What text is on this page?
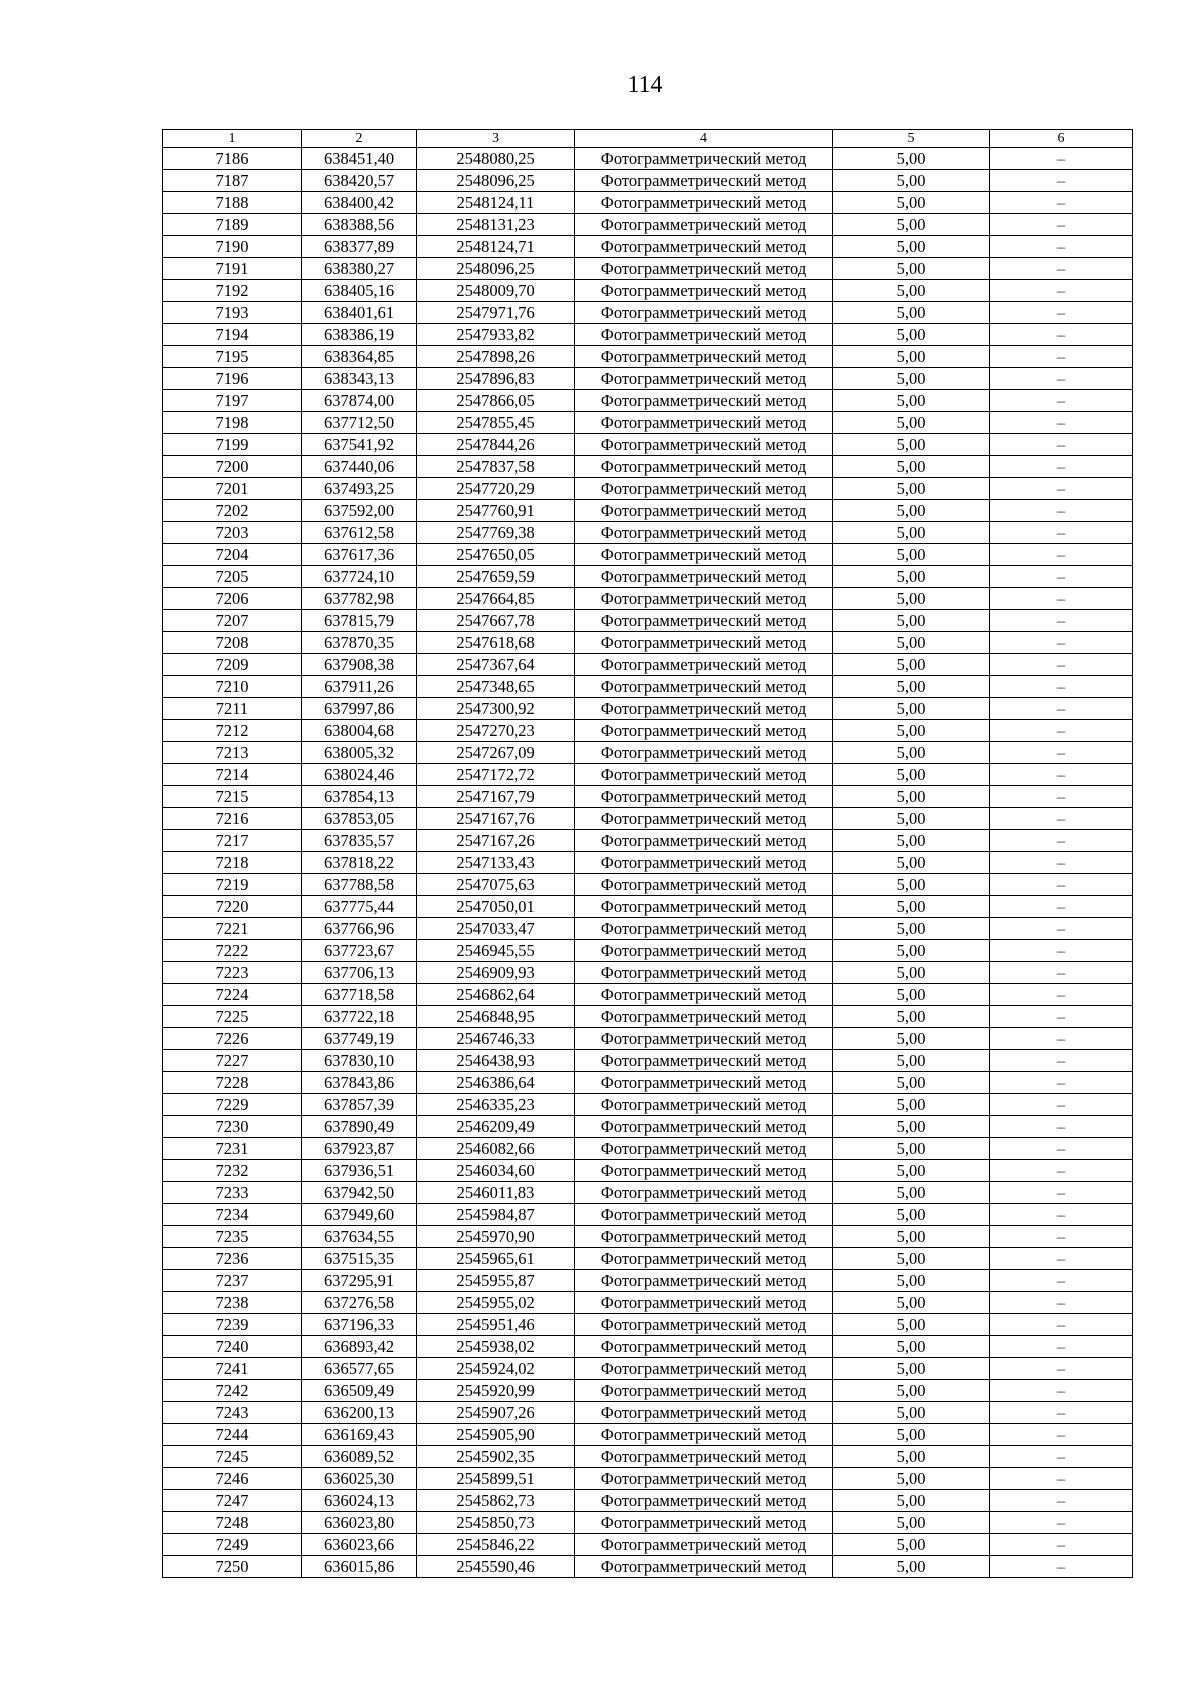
114
1	2	3	4	5	6
7186	638451,40	2548080,25	Фотограмметрический метод	5,00	–
7187	638420,57	2548096,25	Фотограмметрический метод	5,00	–
7188	638400,42	2548124,11	Фотограмметрический метод	5,00	–
7189	638388,56	2548131,23	Фотограмметрический метод	5,00	–
7190	638377,89	2548124,71	Фотограмметрический метод	5,00	–
7191	638380,27	2548096,25	Фотограмметрический метод	5,00	–
7192	638405,16	2548009,70	Фотограмметрический метод	5,00	–
7193	638401,61	2547971,76	Фотограмметрический метод	5,00	–
7194	638386,19	2547933,82	Фотограмметрический метод	5,00	–
7195	638364,85	2547898,26	Фотограмметрический метод	5,00	–
7196	638343,13	2547896,83	Фотограмметрический метод	5,00	–
7197	637874,00	2547866,05	Фотограмметрический метод	5,00	–
7198	637712,50	2547855,45	Фотограмметрический метод	5,00	–
7199	637541,92	2547844,26	Фотограмметрический метод	5,00	–
7200	637440,06	2547837,58	Фотограмметрический метод	5,00	–
7201	637493,25	2547720,29	Фотограмметрический метод	5,00	–
7202	637592,00	2547760,91	Фотограмметрический метод	5,00	–
7203	637612,58	2547769,38	Фотограмметрический метод	5,00	–
7204	637617,36	2547650,05	Фотограмметрический метод	5,00	–
7205	637724,10	2547659,59	Фотограмметрический метод	5,00	–
7206	637782,98	2547664,85	Фотограмметрический метод	5,00	–
7207	637815,79	2547667,78	Фотограмметрический метод	5,00	–
7208	637870,35	2547618,68	Фотограмметрический метод	5,00	–
7209	637908,38	2547367,64	Фотограмметрический метод	5,00	–
7210	637911,26	2547348,65	Фотограмметрический метод	5,00	–
7211	637997,86	2547300,92	Фотограмметрический метод	5,00	–
7212	638004,68	2547270,23	Фотограмметрический метод	5,00	–
7213	638005,32	2547267,09	Фотограмметрический метод	5,00	–
7214	638024,46	2547172,72	Фотограмметрический метод	5,00	–
7215	637854,13	2547167,79	Фотограмметрический метод	5,00	–
7216	637853,05	2547167,76	Фотограмметрический метод	5,00	–
7217	637835,57	2547167,26	Фотограмметрический метод	5,00	–
7218	637818,22	2547133,43	Фотограмметрический метод	5,00	–
7219	637788,58	2547075,63	Фотограмметрический метод	5,00	–
7220	637775,44	2547050,01	Фотограмметрический метод	5,00	–
7221	637766,96	2547033,47	Фотограмметрический метод	5,00	–
7222	637723,67	2546945,55	Фотограмметрический метод	5,00	–
7223	637706,13	2546909,93	Фотограмметрический метод	5,00	–
7224	637718,58	2546862,64	Фотограмметрический метод	5,00	–
7225	637722,18	2546848,95	Фотограмметрический метод	5,00	–
7226	637749,19	2546746,33	Фотограмметрический метод	5,00	–
7227	637830,10	2546438,93	Фотограмметрический метод	5,00	–
7228	637843,86	2546386,64	Фотограмметрический метод	5,00	–
7229	637857,39	2546335,23	Фотограмметрический метод	5,00	–
7230	637890,49	2546209,49	Фотограмметрический метод	5,00	–
7231	637923,87	2546082,66	Фотограмметрический метод	5,00	–
7232	637936,51	2546034,60	Фотограмметрический метод	5,00	–
7233	637942,50	2546011,83	Фотограмметрический метод	5,00	–
7234	637949,60	2545984,87	Фотограмметрический метод	5,00	–
7235	637634,55	2545970,90	Фотограмметрический метод	5,00	–
7236	637515,35	2545965,61	Фотограмметрический метод	5,00	–
7237	637295,91	2545955,87	Фотограмметрический метод	5,00	–
7238	637276,58	2545955,02	Фотограмметрический метод	5,00	–
7239	637196,33	2545951,46	Фотограмметрический метод	5,00	–
7240	636893,42	2545938,02	Фотограмметрический метод	5,00	–
7241	636577,65	2545924,02	Фотограмметрический метод	5,00	–
7242	636509,49	2545920,99	Фотограмметрический метод	5,00	–
7243	636200,13	2545907,26	Фотограмметрический метод	5,00	–
7244	636169,43	2545905,90	Фотограмметрический метод	5,00	–
7245	636089,52	2545902,35	Фотограмметрический метод	5,00	–
7246	636025,30	2545899,51	Фотограмметрический метод	5,00	–
7247	636024,13	2545862,73	Фотограмметрический метод	5,00	–
7248	636023,80	2545850,73	Фотограмметрический метод	5,00	–
7249	636023,66	2545846,22	Фотограмметрический метод	5,00	–
7250	636015,86	2545590,46	Фотограмметрический метод	5,00	–
